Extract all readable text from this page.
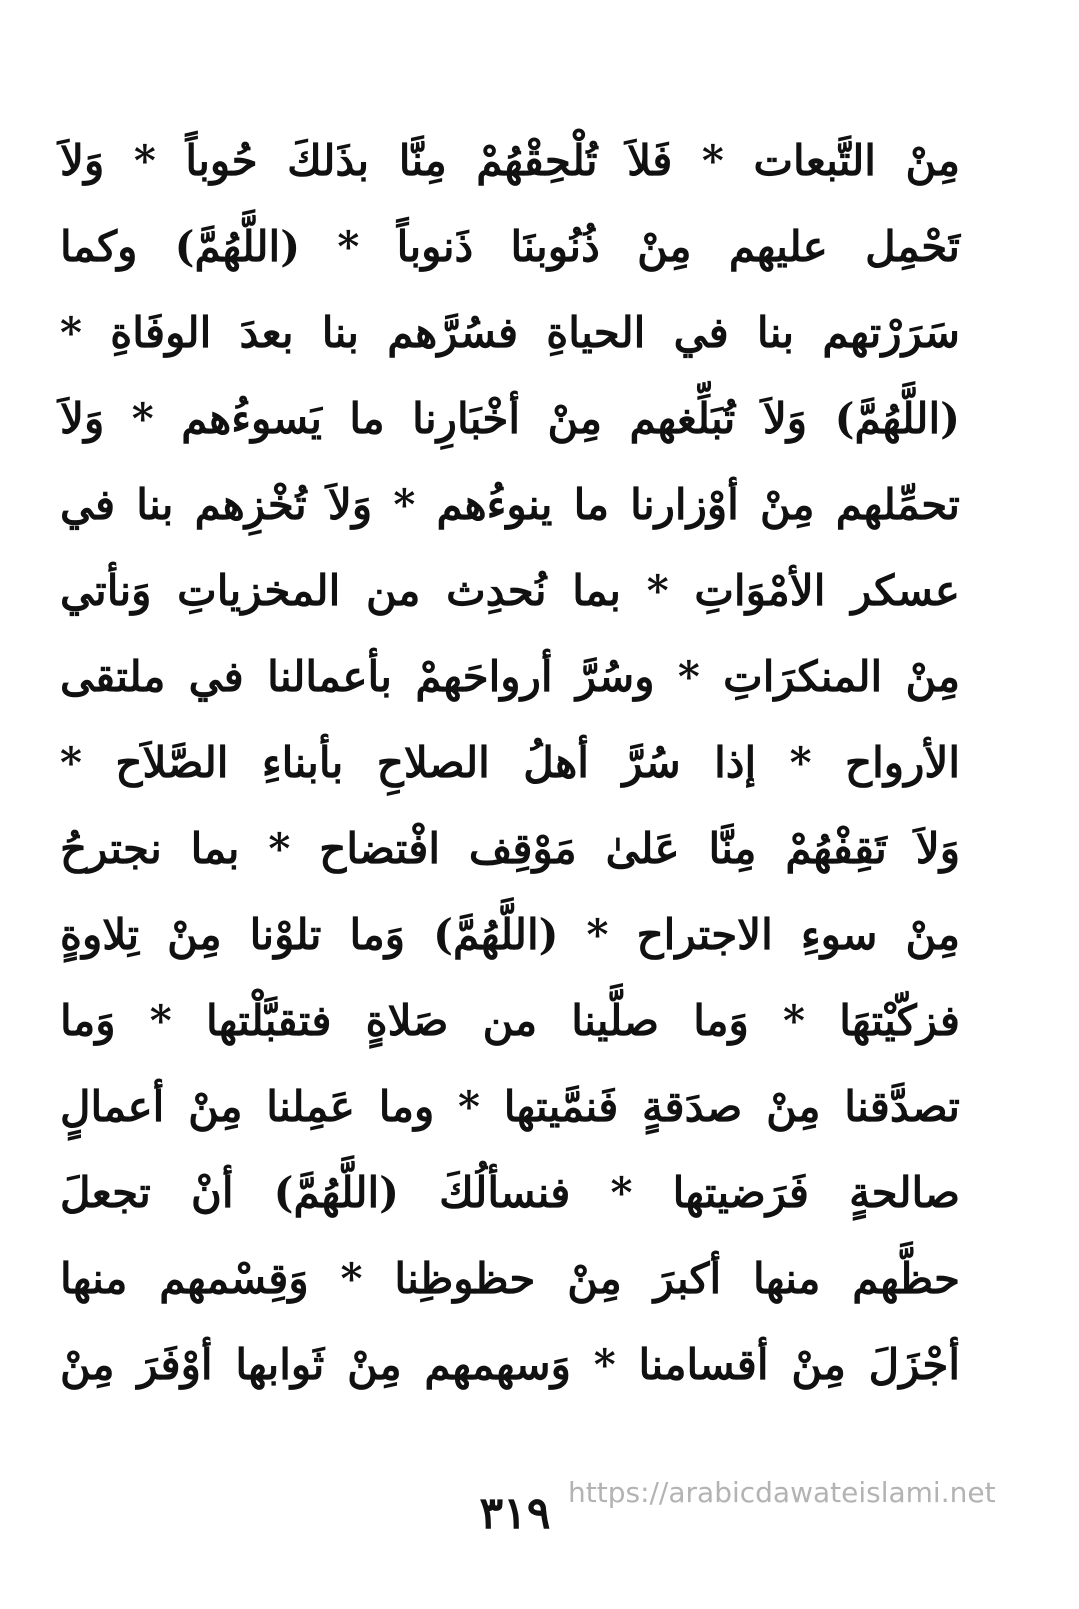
مِنْ التَّبعات * فَلاَ تُلْحِقْهُمْ مِنَّا بذَلكَ حُوباً * وَلاَ
تَحْمِل عليهم مِنْ ذُنُوبنَا ذَنوباً * (اللَّهُمَّ) وكما
سَرَرْتهم بنا في الحياةِ فسُرَّهم بنا بعدَ الوفَاةِ *
(اللَّهُمَّ) وَلاَ تُبَلِّغهم مِنْ أخْبَارِنا ما يَسوءُهم * وَلاَ
تحمِّلهم مِنْ أوْزارنا ما ينوءُهم * وَلاَ تُخْزِهم بنا في
عسكر الأمْوَاتِ * بما نُحدِث من المخزياتِ وَنأتي
مِنْ المنكرَاتِ * وسُرَّ أرواحَهمْ بأعمالنا في ملتقى
الأرواح * إذا سُرَّ أهلُ الصلاحِ بأبناءِ الصَّلاَح *
وَلاَ تَقِفْهُمْ مِنَّا عَلىٰ مَوْقِف افْتضاح * بما نجترحُ
مِنْ سوءِ الاجتراح * (اللَّهُمَّ) وَما تلوْنا مِنْ تِلاوةٍ
فزكّيْتهَا * وَما صلَّينا من صَلاةٍ فتقبَّلْتها * وَما
تصدَّقنا مِنْ صدَقةٍ فَنمَّيتها * وما عَمِلنا مِنْ أعمالٍ
صالحةٍ فَرَضيتها * فنسألُكَ (اللَّهُمَّ) أنْ تجعلَ
حظَّهم منها أكبرَ مِنْ حظوظِنا * وَقِسْمهم منها
أجْزَلَ مِنْ أقسامنا * وَسهمهم مِنْ ثَوابها أوْفَرَ مِنْ
٣١٩ https://arabicdawateislami.net
